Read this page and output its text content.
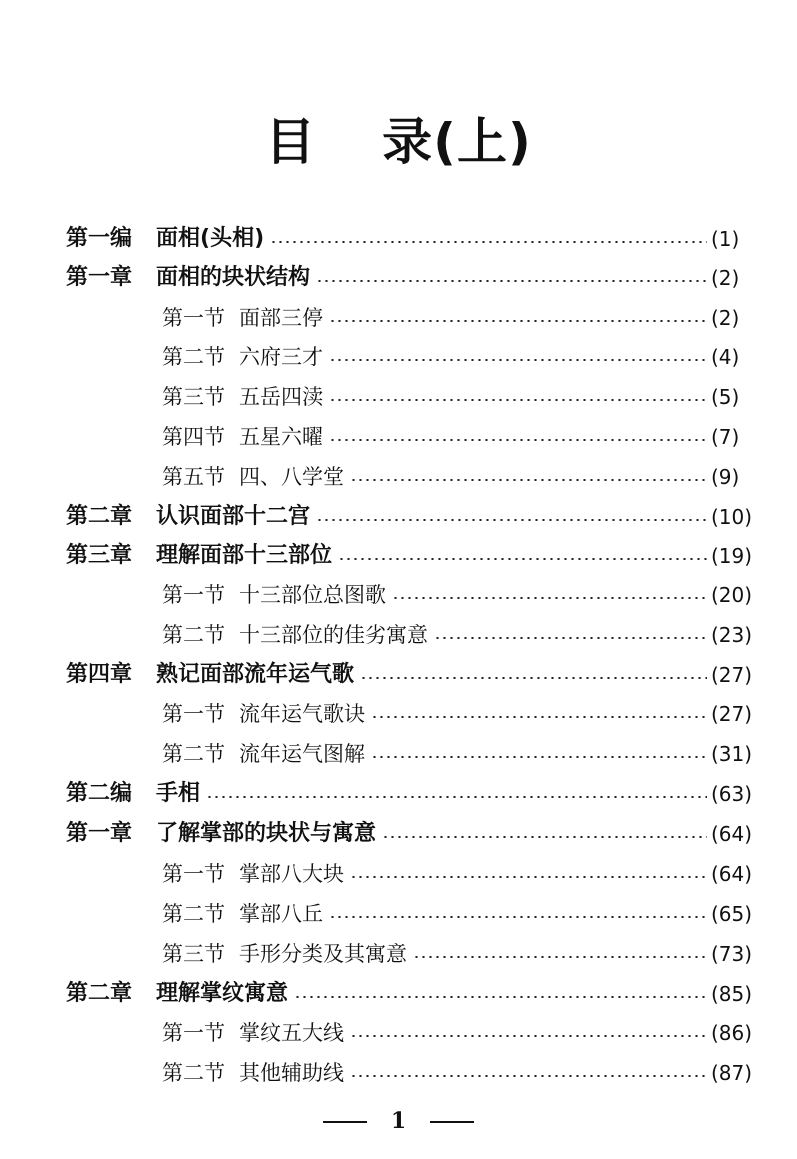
目 录(上)
第一编 面相(头相)	(1)
第一章 面相的块状结构	(2)
第一节 面部三停	(2)
第二节 六府三才	(4)
第三节 五岳四渎	(5)
第四节 五星六曜	(7)
第五节 四、八学堂	(9)
第二章 认识面部十二宫	(10)
第三章 理解面部十三部位	(19)
第一节 十三部位总图歌	(20)
第二节 十三部位的佳劣寓意	(23)
第四章 熟记面部流年运气歌	(27)
第一节 流年运气歌诀	(27)
第二节 流年运气图解	(31)
第二编 手相	(63)
第一章 了解掌部的块状与寓意	(64)
第一节 掌部八大块	(64)
第二节 掌部八丘	(65)
第三节 手形分类及其寓意	(73)
第二章 理解掌纹寓意	(85)
第一节 掌纹五大线	(86)
第二节 其他辅助线	(87)
1
